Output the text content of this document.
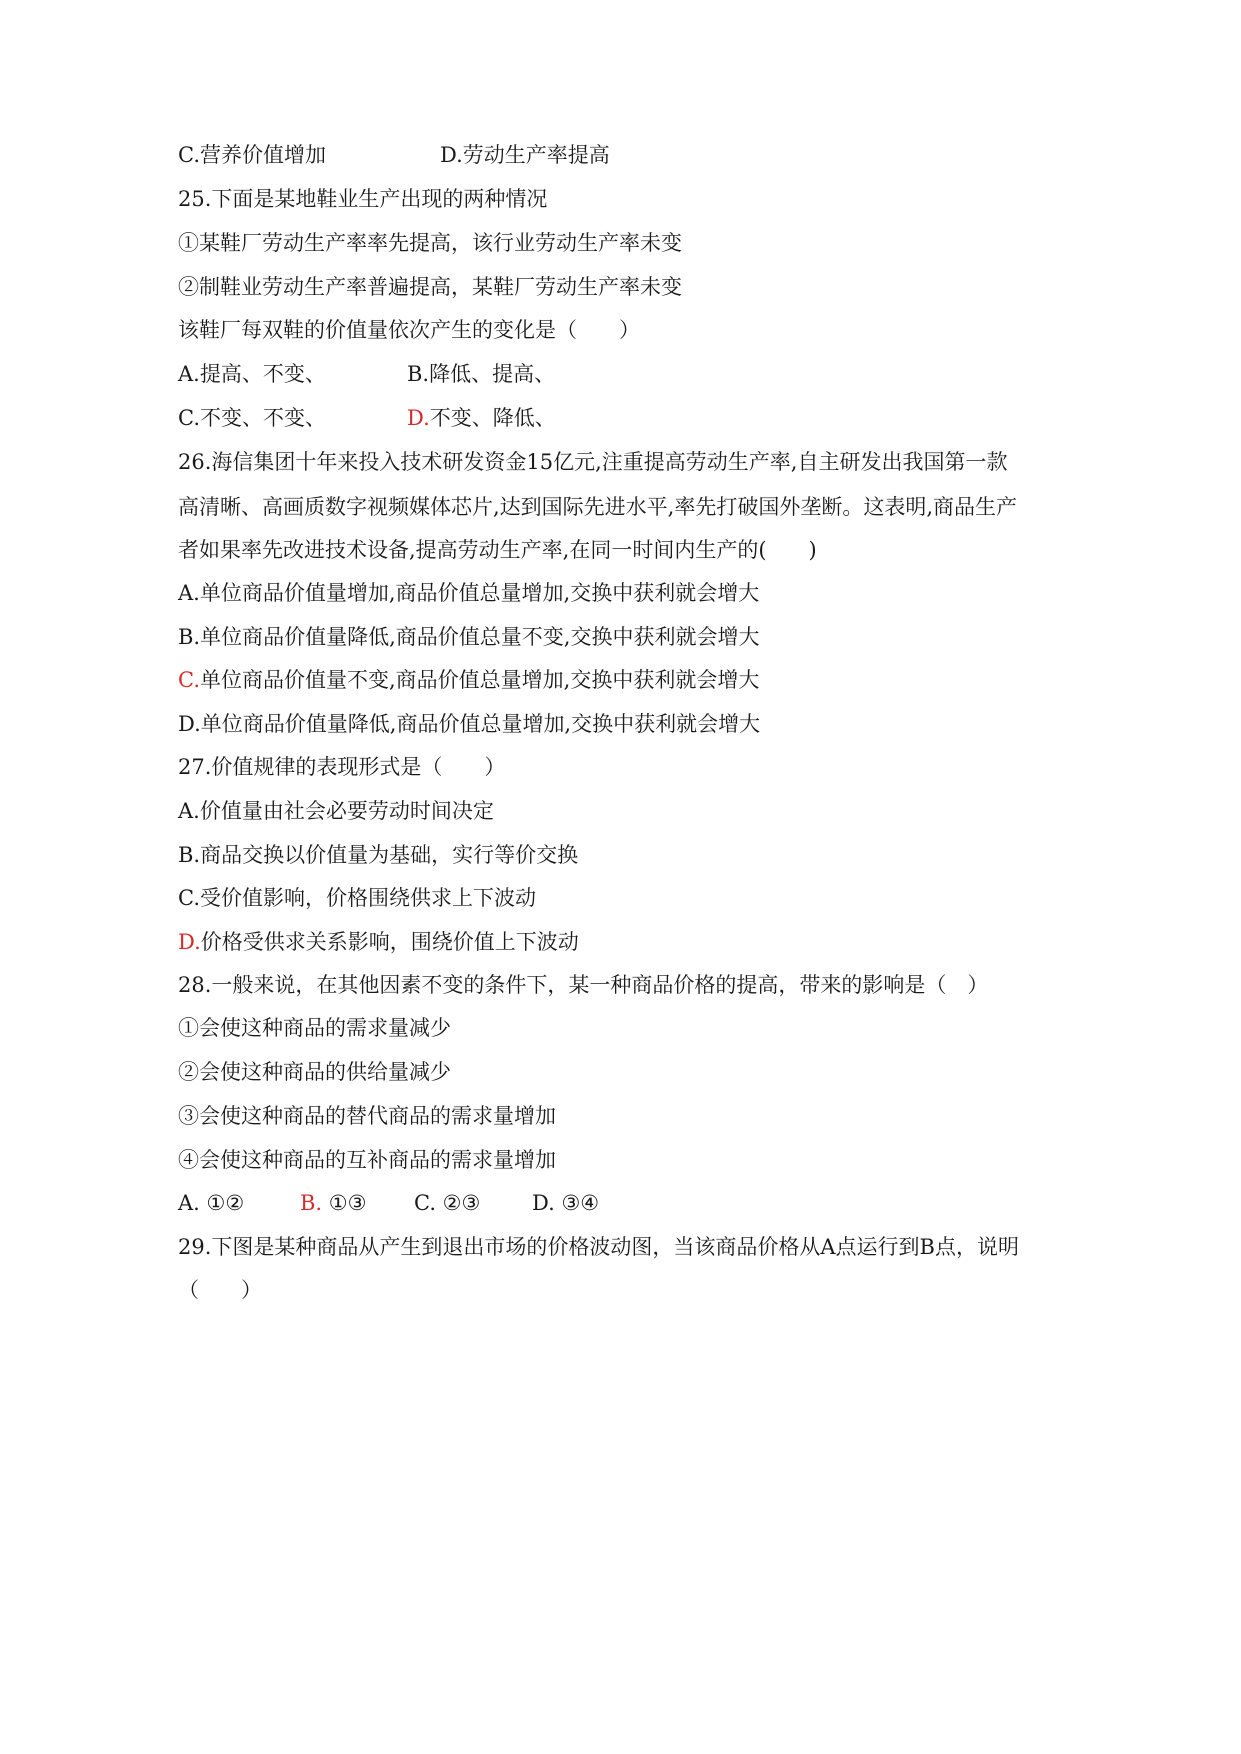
C.营养价值增加	D.劳动生产率提高
25.下面是某地鞋业生产出现的两种情况
①某鞋厂劳动生产率率先提高，该行业劳动生产率未变
②制鞋业劳动生产率普遍提高，某鞋厂劳动生产率未变
该鞋厂每双鞋的价值量依次产生的变化是（　　）
A.提高、不变、	B.降低、提高、
C.不变、不变、	D.不变、降低、
26.海信集团十年来投入技术研发资金15亿元,注重提高劳动生产率,自主研发出我国第一款
高清晰、高画质数字视频媒体芯片,达到国际先进水平,率先打破国外垄断。这表明,商品生产
者如果率先改进技术设备,提高劳动生产率,在同一时间内生产的(　　)
A.单位商品价值量增加,商品价值总量增加,交换中获利就会增大
B.单位商品价值量降低,商品价值总量不变,交换中获利就会增大
C.单位商品价值量不变,商品价值总量增加,交换中获利就会增大
D.单位商品价值量降低,商品价值总量增加,交换中获利就会增大
27.价值规律的表现形式是（　　）
A.价值量由社会必要劳动时间决定
B.商品交换以价值量为基础，实行等价交换
C.受价值影响，价格围绕供求上下波动
D.价格受供求关系影响，围绕价值上下波动
28.一般来说，在其他因素不变的条件下，某一种商品价格的提高，带来的影响是（　）
①会使这种商品的需求量减少
②会使这种商品的供给量减少
③会使这种商品的替代商品的需求量增加
④会使这种商品的互补商品的需求量增加
A. ①②	B. ①③ C. ②③ D. ③④
29.下图是某种商品从产生到退出市场的价格波动图，当该商品价格从A点运行到B点，说明
（　　）
